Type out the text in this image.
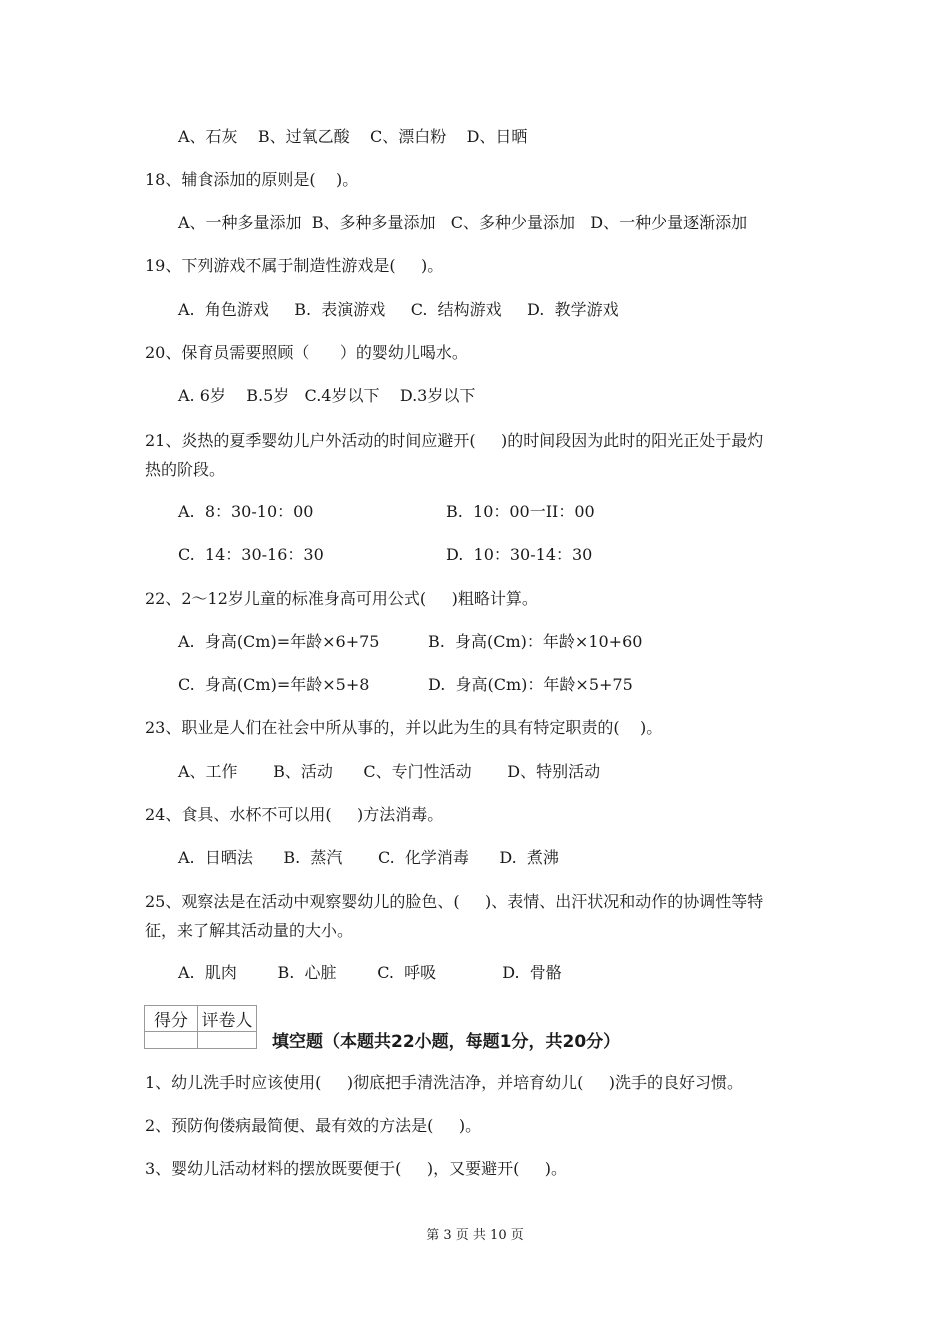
A、石灰    B、过氧乙酸    C、漂白粉    D、日晒
18、辅食添加的原则是(    )。
A、一种多量添加  B、多种多量添加   C、多种少量添加   D、一种少量逐渐添加
19、下列游戏不属于制造性游戏是(     )。
A.  角色游戏     B.  表演游戏     C.  结构游戏     D.  教学游戏
20、保育员需要照顾（      ）的婴幼儿喝水。
A. 6岁    B.5岁   C.4岁以下    D.3岁以下
21、炎热的夏季婴幼儿户外活动的时间应避开(     )的时间段因为此时的阳光正处于最灼
热的阶段。
A.  8：30-10：00	B.  10：00一II：00
C.  14：30-16：30	D.  10：30-14：30
22、2～12岁儿童的标准身高可用公式(     )粗略计算。
A.  身高(Cm)=年龄×6+75	B.  身高(Cm)：年龄×10+60
C.  身高(Cm)=年龄×5+8	D.  身高(Cm)：年龄×5+75
23、职业是人们在社会中所从事的，并以此为生的具有特定职责的(    )。
A、工作       B、活动      C、专门性活动       D、特别活动
24、食具、水杯不可以用(     )方法消毒。
A.  日晒法      B.  蒸汽       C.  化学消毒      D.  煮沸
25、观察法是在活动中观察婴幼儿的脸色、(     )、表情、出汗状况和动作的协调性等特
征，来了解其活动量的大小。
A.  肌肉        B.  心脏        C.  呼吸             D.  骨骼
得分	评卷人

填空题（本题共22小题，每题1分，共20分）
1、幼儿洗手时应该使用(     )彻底把手清洗洁净，并培育幼儿(     )洗手的良好习惯。
2、预防佝偻病最简便、最有效的方法是(     )。
3、婴幼儿活动材料的摆放既要便于(     )，又要避开(     )。
第 3 页 共 10 页
